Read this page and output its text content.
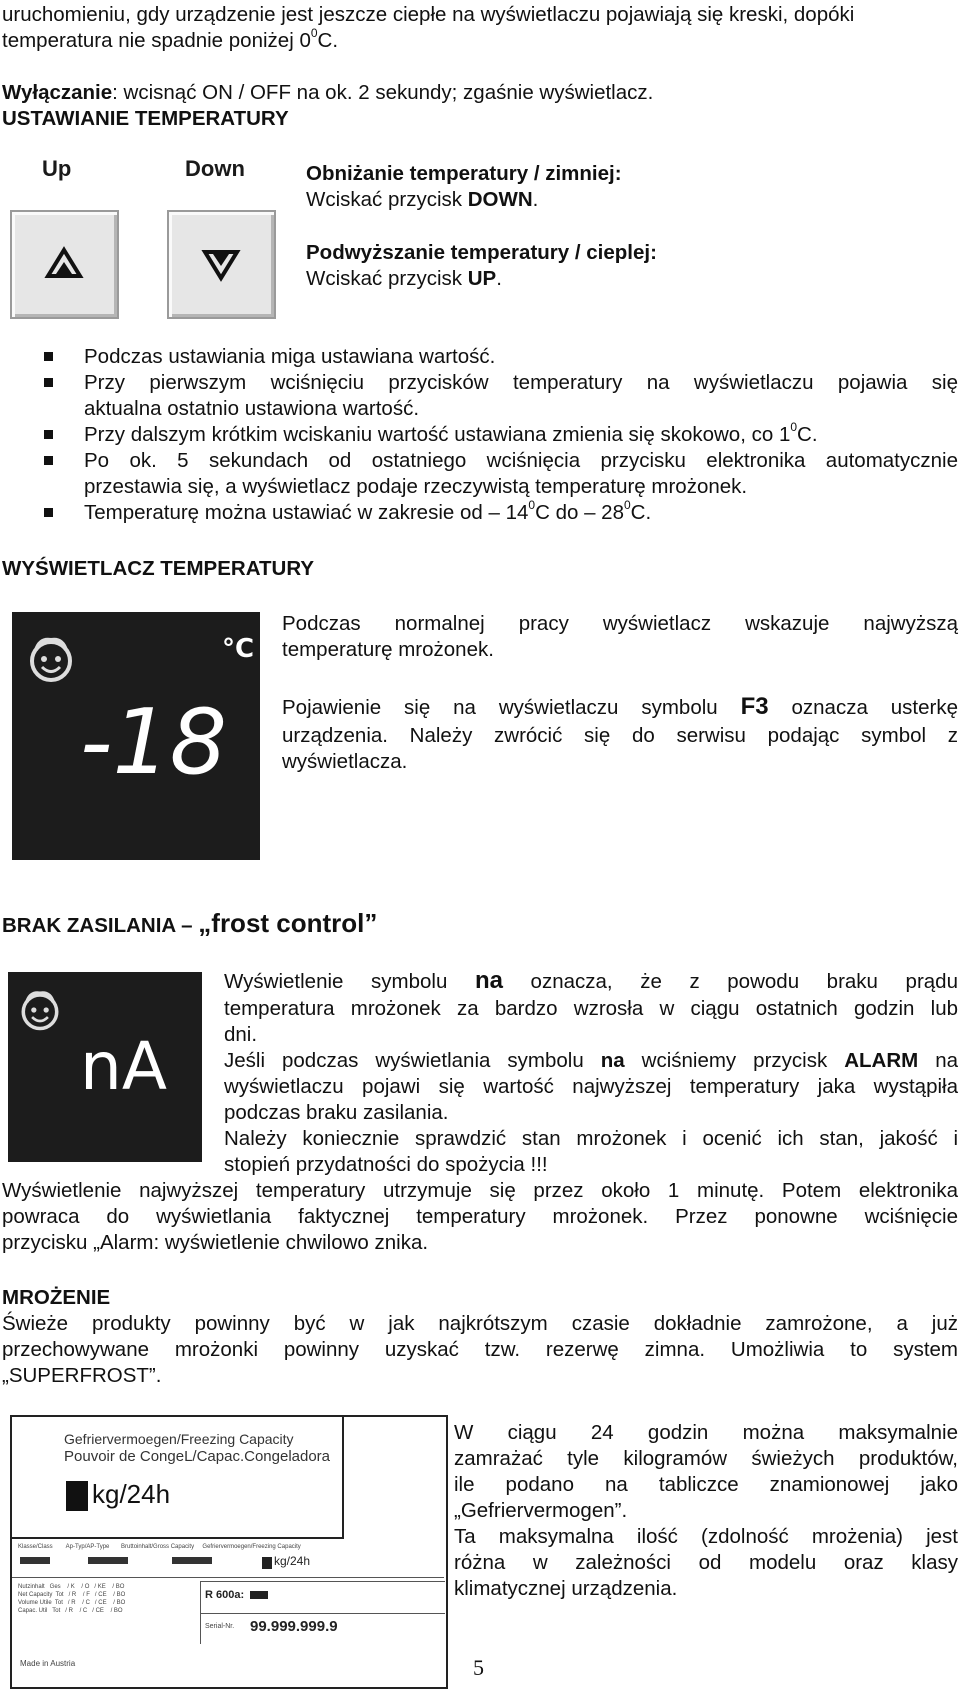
uruchomieniu, gdy urządzenie jest jeszcze ciepłe na wyświetlaczu pojawiają się kreski, dopóki
temperatura nie spadnie poniżej $0^0C$.
Wyłączanie: wcisnąć ON / OFF na ok. 2 sekundy; zgaśnie wyświetlacz.
USTAWIANIE TEMPERATURY
Up	Down	Obniżanie temperatury / zimniej:
Wciskać przycisk DOWN.
Podwyższanie temperatury / cieplej:
Wciskać przycisk UP.
Podczas ustawiania miga ustawiana wartość.
Przy pierwszym wciśnięciu przycisków temperatury na wyświetlaczu pojawia się
aktualna ostatnio ustawiona wartość.
Przy dalszym krótkim wciskaniu wartość ustawiana zmienia się skokowo, co $1^0C$.
Po ok. 5 sekundach od ostatniego wciśnięcia przycisku elektronika automatycznie
przestawia się, a wyświetlacz podaje rzeczywistą temperaturę mrożonek.
Temperaturę można ustawiać w zakresie od – $14^0C$ do – $28^0C$.
WYŚWIETLACZ TEMPERATURY
°C
-18
Podczas normalnej pracy wyświetlacz wskazuje najwyższą
temperaturę mrożonek.
Pojawienie się na wyświetlaczu symbolu F3 oznacza usterkę
urządzenia. Należy zwrócić się do serwisu podając symbol z
wyświetlacza.
BRAK ZASILANIA – „frost control”
nA
Wyświetlenie symbolu na oznacza, że z powodu braku prądu
temperatura mrożonek za bardzo wzrosła w ciągu ostatnich godzin lub
dni.
Jeśli podczas wyświetlania symbolu na wciśniemy przycisk ALARM na
wyświetlaczu pojawi się wartość najwyższej temperatury jaka wystąpiła
podczas braku zasilania.
Należy koniecznie sprawdzić stan mrożonek i ocenić ich stan, jakość i
stopień przydatności do spożycia !!!
Wyświetlenie najwyższej temperatury utrzymuje się przez około 1 minutę. Potem elektronika
powraca do wyświetlania faktycznej temperatury mrożonek. Przez ponowne wciśnięcie
przycisku „Alarm: wyświetlenie chwilowo znika.
MROŻENIE
Świeże produkty powinny być w jak najkrótszym czasie dokładnie zamrożone, a już
przechowywane mrożonki powinny uzyskać tzw. rezerwę zimna. Umożliwia to system
„SUPERFROST”.
Gefriervermoegen/Freezing Capacity
Pouvoir de CongeL/Capac.Congeladora
kg/24h
Klasse/Class        Ap-Typ/AP-Type       Bruttoinhalt/Gross Capacity     Gefriervermoegen/Freezing Capacity
kg/24h
Nutzinhalt   Ges    / K    / O   / KE    / BO
Net Capacity  Tot   / R    / F   / CE    / BO
Volume Utile  Tot   / R    / C   / CE    / BO
Capac. Util   Tot   / R    / C   / CE    / BO
R 600a:
Serial-Nr. 99.999.999.9
Made in Austria
W ciągu 24 godzin można maksymalnie
zamrażać tyle kilogramów świeżych produktów,
ile podano na tabliczce znamionowej jako
„Gefriervermogen”.
Ta maksymalna ilość (zdolność mrożenia) jest
różna w zależności od modelu oraz klasy
klimatycznej urządzenia.
5
